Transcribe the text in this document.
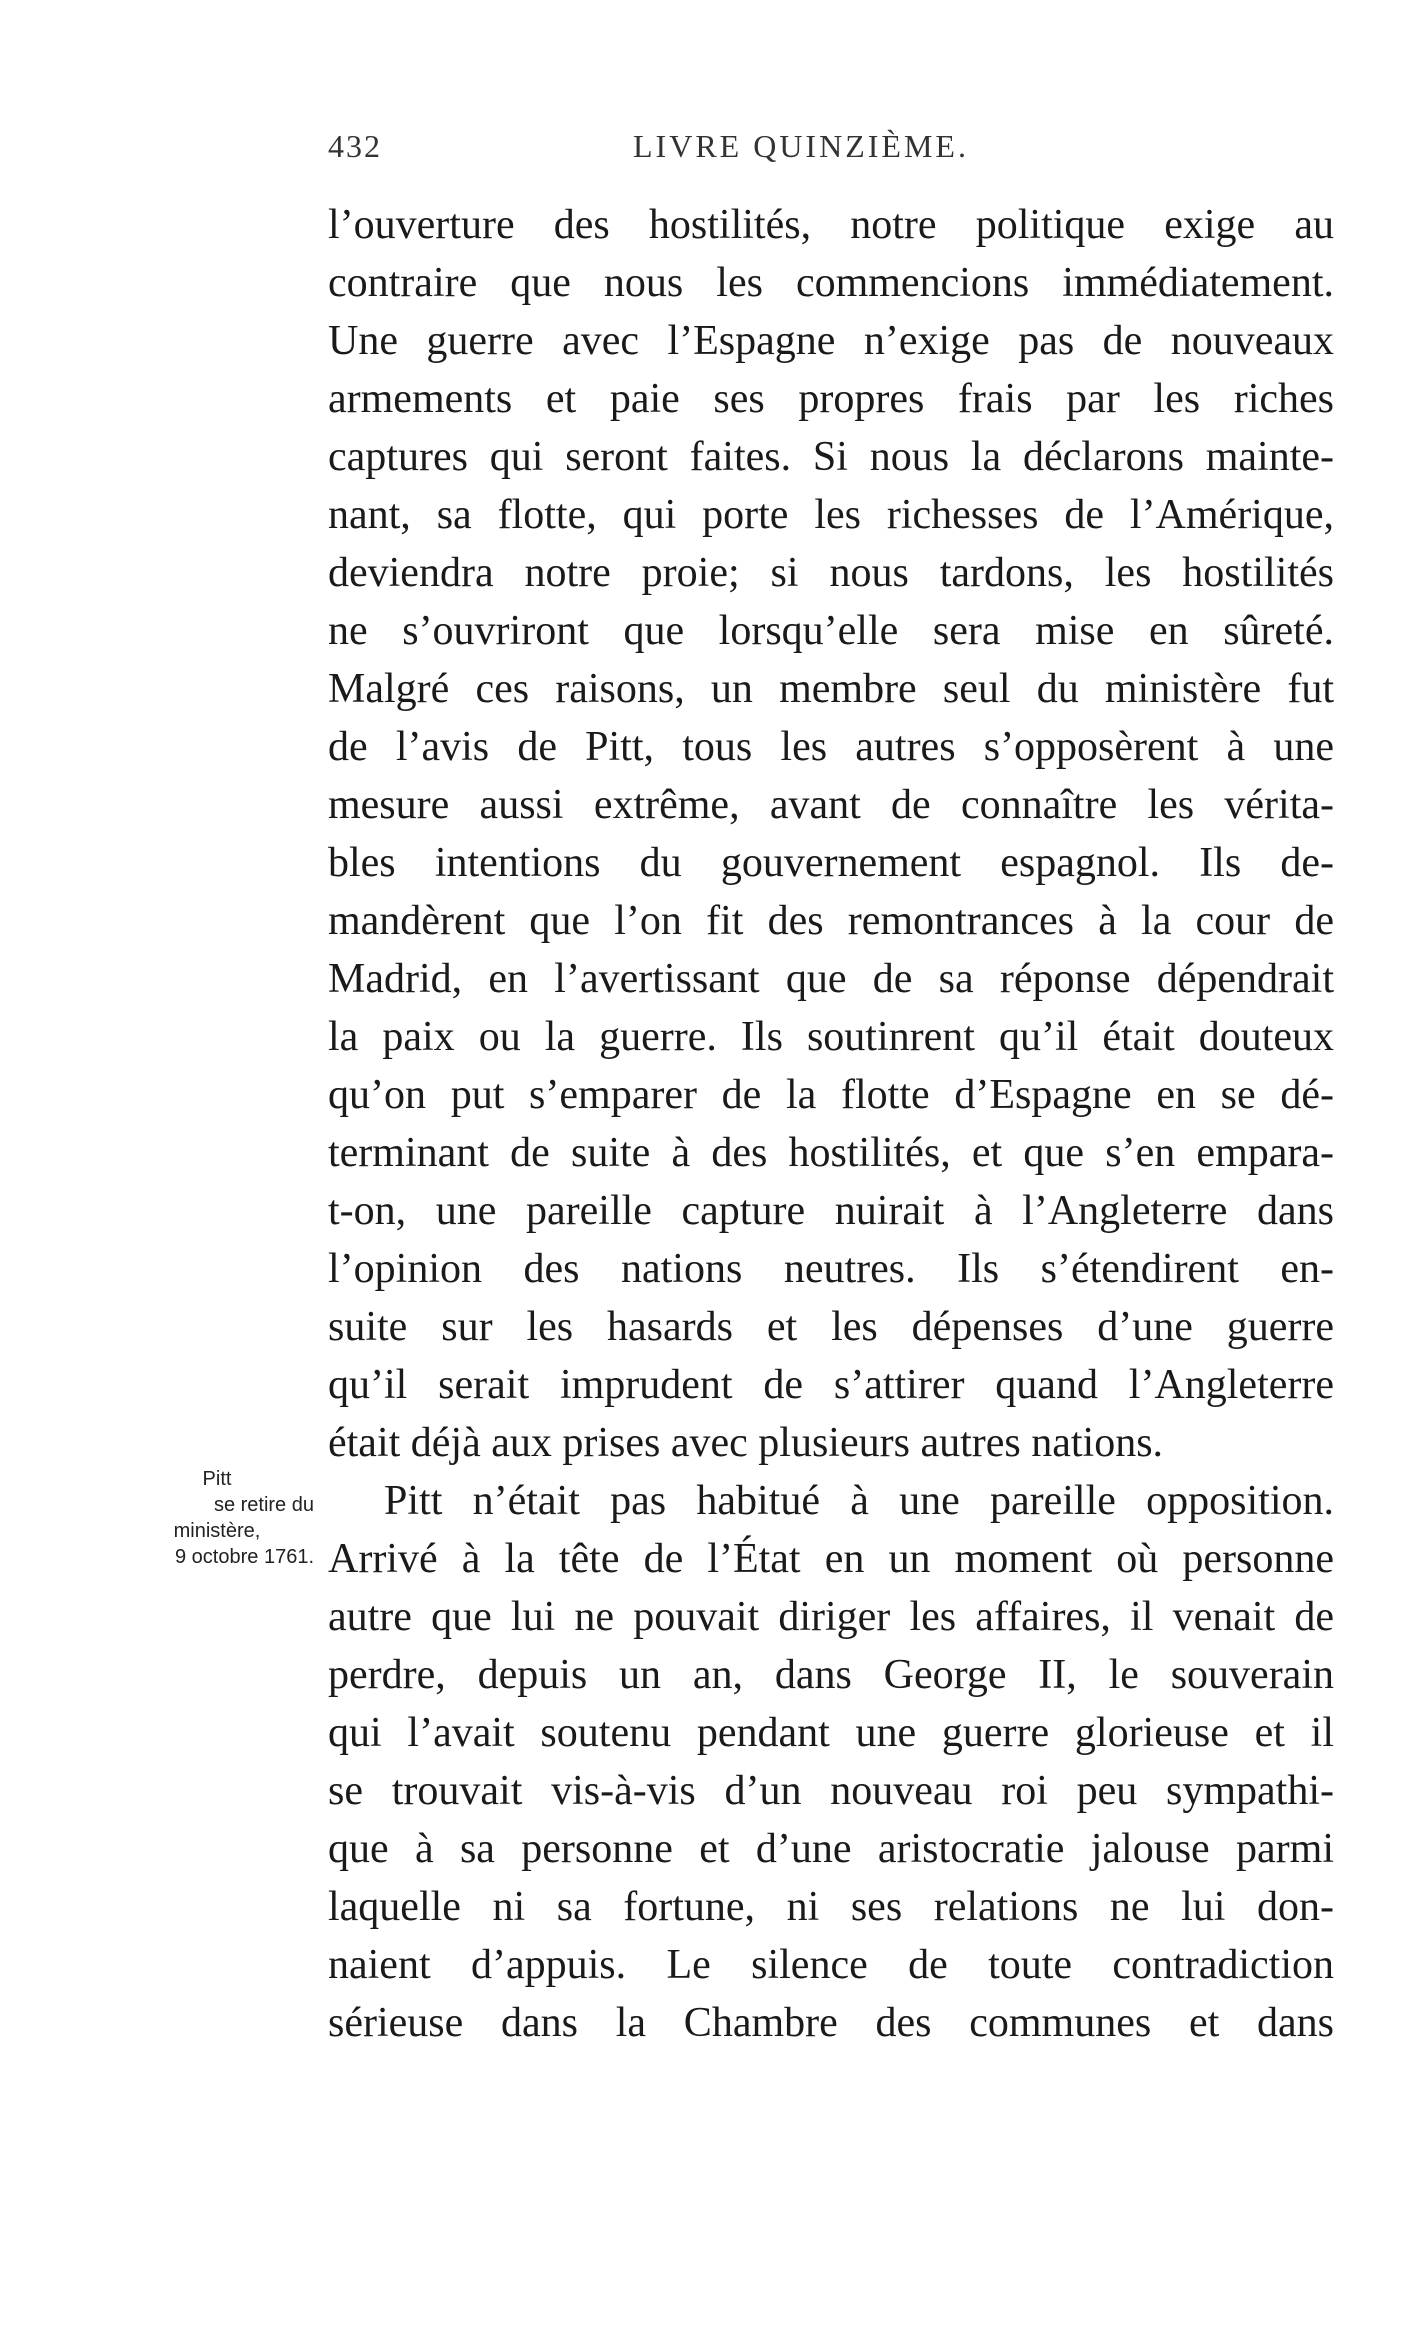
432	LIVRE QUINZIÈME.
Pitt
se retire du
ministère,
9 octobre 1761.
l’ouverture des hostilités, notre politique exige au
contraire que nous les commencions immédiatement.
Une guerre avec l’Espagne n’exige pas de nouveaux
armements et paie ses propres frais par les riches
captures qui seront faites. Si nous la déclarons mainte-
nant, sa flotte, qui porte les richesses de l’Amérique,
deviendra notre proie; si nous tardons, les hostilités
ne s’ouvriront que lorsqu’elle sera mise en sûreté.
Malgré ces raisons, un membre seul du ministère fut
de l’avis de Pitt, tous les autres s’opposèrent à une
mesure aussi extrême, avant de connaître les vérita-
bles intentions du gouvernement espagnol. Ils de-
mandèrent que l’on fit des remontrances à la cour de
Madrid, en l’avertissant que de sa réponse dépendrait
la paix ou la guerre. Ils soutinrent qu’il était douteux
qu’on put s’emparer de la flotte d’Espagne en se dé-
terminant de suite à des hostilités, et que s’en empara-
t-on, une pareille capture nuirait à l’Angleterre dans
l’opinion des nations neutres. Ils s’étendirent en-
suite sur les hasards et les dépenses d’une guerre
qu’il serait imprudent de s’attirer quand l’Angleterre
était déjà aux prises avec plusieurs autres nations.
Pitt n’était pas habitué à une pareille opposition.
Arrivé à la tête de l’État en un moment où personne
autre que lui ne pouvait diriger les affaires, il venait de
perdre, depuis un an, dans George II, le souverain
qui l’avait soutenu pendant une guerre glorieuse et il
se trouvait vis-à-vis d’un nouveau roi peu sympathi-
que à sa personne et d’une aristocratie jalouse parmi
laquelle ni sa fortune, ni ses relations ne lui don-
naient d’appuis. Le silence de toute contradiction
sérieuse dans la Chambre des communes et dans
